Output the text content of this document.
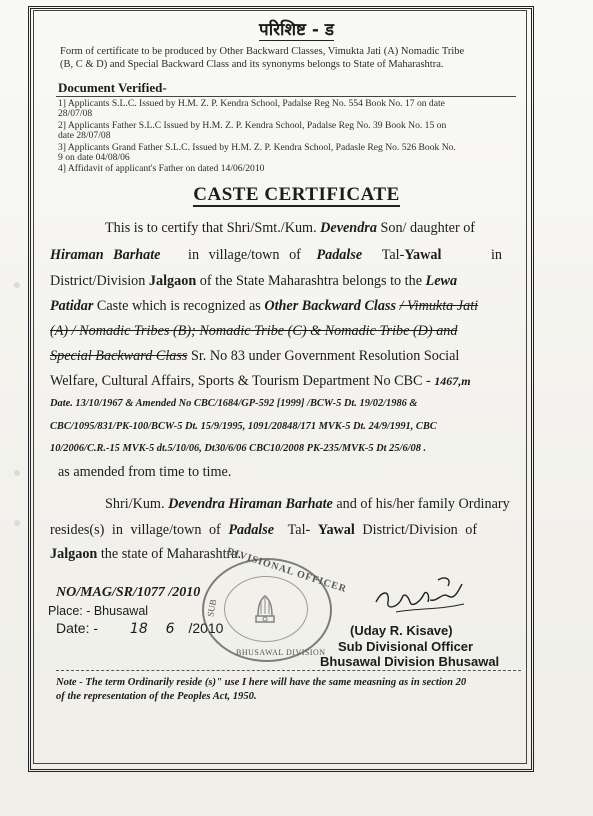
परिशिष्ट - ड
Form of certificate to be produced by Other Backward Classes, Vimukta Jati (A) Nomadic Tribe
(B, C & D) and Special Backward Class and its synonyms belongs to State of Maharashtra.
Document Verified-
1] Applicants S.L.C. Issued by H.M. Z. P. Kendra School, Padalse Reg No. 554 Book No. 17 on date
28/07/08
2] Applicants Father S.L.C Issued by H.M. Z. P. Kendra School, Padalse Reg No. 39 Book No. 15 on
date 28/07/08
3] Applicants Grand Father S.L.C. Issued by H.M. Z. P. Kendra School, Padasle Reg No. 526 Book No.
9 on date 04/08/06
4] Affidavit of applicant's Father on dated 14/06/2010
CASTE CERTIFICATE
This is to certify that Shri/Smt./Kum. Devendra Son/ daughter of
Hiraman Barhate in village/town of Padalse Tal-Yawal	in
District/Division Jalgaon of the State Maharashtra belongs to the Lewa
Patidar Caste which is recognized as Other Backward Class / Vimukta Jati
(A) / Nomadic Tribes (B); Nomadic Tribe (C) & Nomadic Tribe (D) and
Special Backward Class Sr. No 83 under Government Resolution Social
Welfare, Cultural Affairs, Sports & Tourism Department No CBC - 1467,m
Date. 13/10/1967 & Amended No CBC/1684/GP-592 [1999] /BCW-5 Dt. 19/02/1986 &
CBC/1095/831/PK-100/BCW-5 Dt. 15/9/1995, 1091/20848/171 MVK-5 Dt. 24/9/1991, CBC
10/2006/C.R.-15 MVK-5 dt.5/10/06, Dt30/6/06 CBC10/2008 PK-235/MVK-5 Dt 25/6/08 .
as amended from time to time.
Shri/Kum. Devendra Hiraman Barhate and of his/her family Ordinary
resides(s) in village/town of Padalse Tal- Yawal District/Division of
Jalgaon the state of Maharashtra.
NO/MAG/SR/1077 /2010
Place: - Bhusawal
Date: - 18 6 /2010
DIVISIONAL OFFICER
SUB
BHUSAWAL DIVISION
(Uday R. Kisave)
Sub Divisional Officer
Bhusawal Division Bhusawal
Note - The term Ordinarily reside (s)" use I here will have the same measning as in section 20
of the representation of the Peoples Act, 1950.
